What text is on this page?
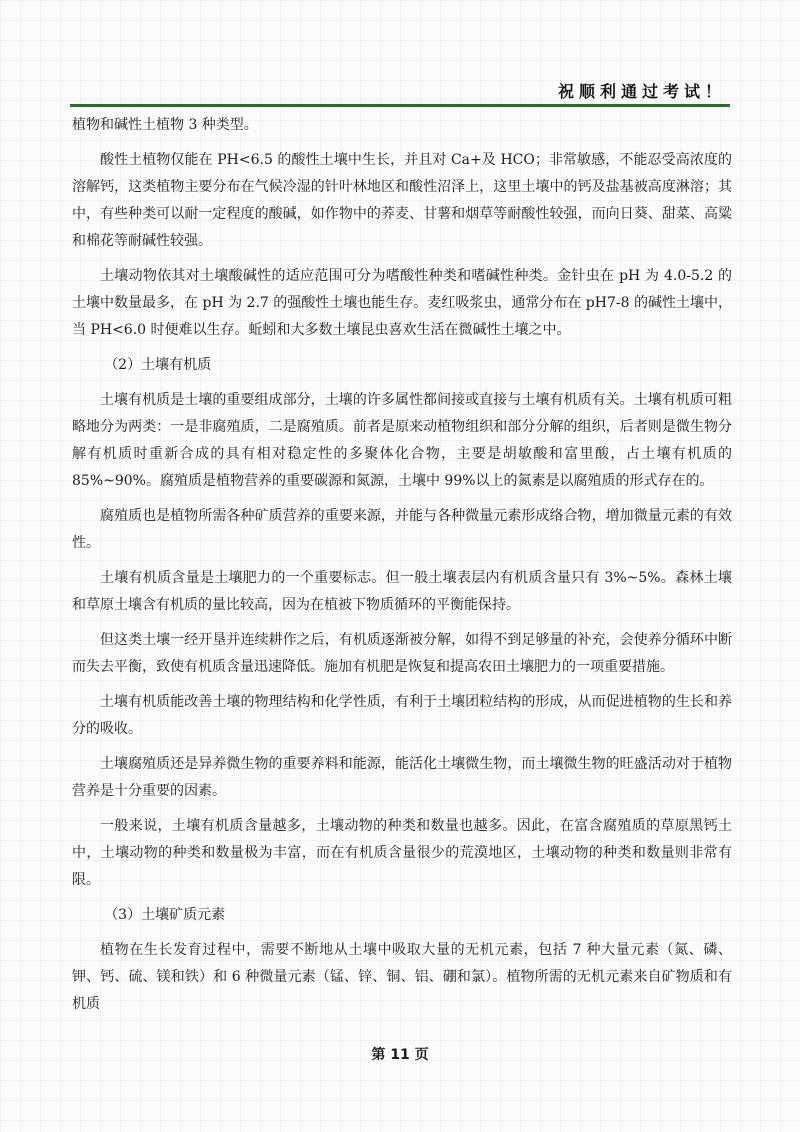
祝顺利通过考试！

植物和碱性土植物 3 种类型。

酸性土植物仅能在 PH<6.5 的酸性土壤中生长，并且对 Ca+及 HCO；非常敏感，不能忍受高浓度的溶解钙，这类植物主要分布在气候冷湿的针叶林地区和酸性沼泽上，这里土壤中的钙及盐基被高度淋溶；其中，有些种类可以耐一定程度的酸碱，如作物中的荞麦、甘薯和烟草等耐酸性较强，而向日葵、甜菜、高粱和棉花等耐碱性较强。

土壤动物依其对土壤酸碱性的适应范围可分为嗜酸性种类和嗜碱性种类。金针虫在 pH 为 4.0-5.2 的土壤中数量最多，在 pH 为 2.7 的强酸性土壤也能生存。麦红吸浆虫，通常分布在 pH7-8 的碱性土壤中，当 PH<6.0 时便难以生存。蚯蚓和大多数土壤昆虫喜欢生活在微碱性土壤之中。

（2）土壤有机质

土壤有机质是土壤的重要组成部分，土壤的许多属性都间接或直接与土壤有机质有关。土壤有机质可粗略地分为两类：一是非腐殖质，二是腐殖质。前者是原来动植物组织和部分分解的组织，后者则是微生物分解有机质时重新合成的具有相对稳定性的多聚体化合物，主要是胡敏酸和富里酸，占土壤有机质的 85%~90%。腐殖质是植物营养的重要碳源和氮源，土壤中 99%以上的氮素是以腐殖质的形式存在的。

腐殖质也是植物所需各种矿质营养的重要来源，并能与各种微量元素形成络合物，增加微量元素的有效性。

土壤有机质含量是土壤肥力的一个重要标志。但一般土壤表层内有机质含量只有 3%~5%。森林土壤和草原土壤含有机质的量比较高，因为在植被下物质循环的平衡能保持。

但这类土壤一经开垦并连续耕作之后，有机质逐渐被分解，如得不到足够量的补充，会使养分循环中断而失去平衡，致使有机质含量迅速降低。施加有机肥是恢复和提高农田土壤肥力的一项重要措施。

土壤有机质能改善土壤的物理结构和化学性质，有利于土壤团粒结构的形成，从而促进植物的生长和养分的吸收。

土壤腐殖质还是异养微生物的重要养料和能源，能活化土壤微生物，而土壤微生物的旺盛活动对于植物营养是十分重要的因素。

一般来说，土壤有机质含量越多，土壤动物的种类和数量也越多。因此，在富含腐殖质的草原黑钙土中，土壤动物的种类和数量极为丰富，而在有机质含量很少的荒漠地区，土壤动物的种类和数量则非常有限。

（3）土壤矿质元素

植物在生长发育过程中，需要不断地从土壤中吸取大量的无机元素，包括 7 种大量元素（氮、磷、钾、钙、硫、镁和铁）和 6 种微量元素（锰、锌、铜、铝、硼和氯）。植物所需的无机元素来自矿物质和有机质

第 11 页
